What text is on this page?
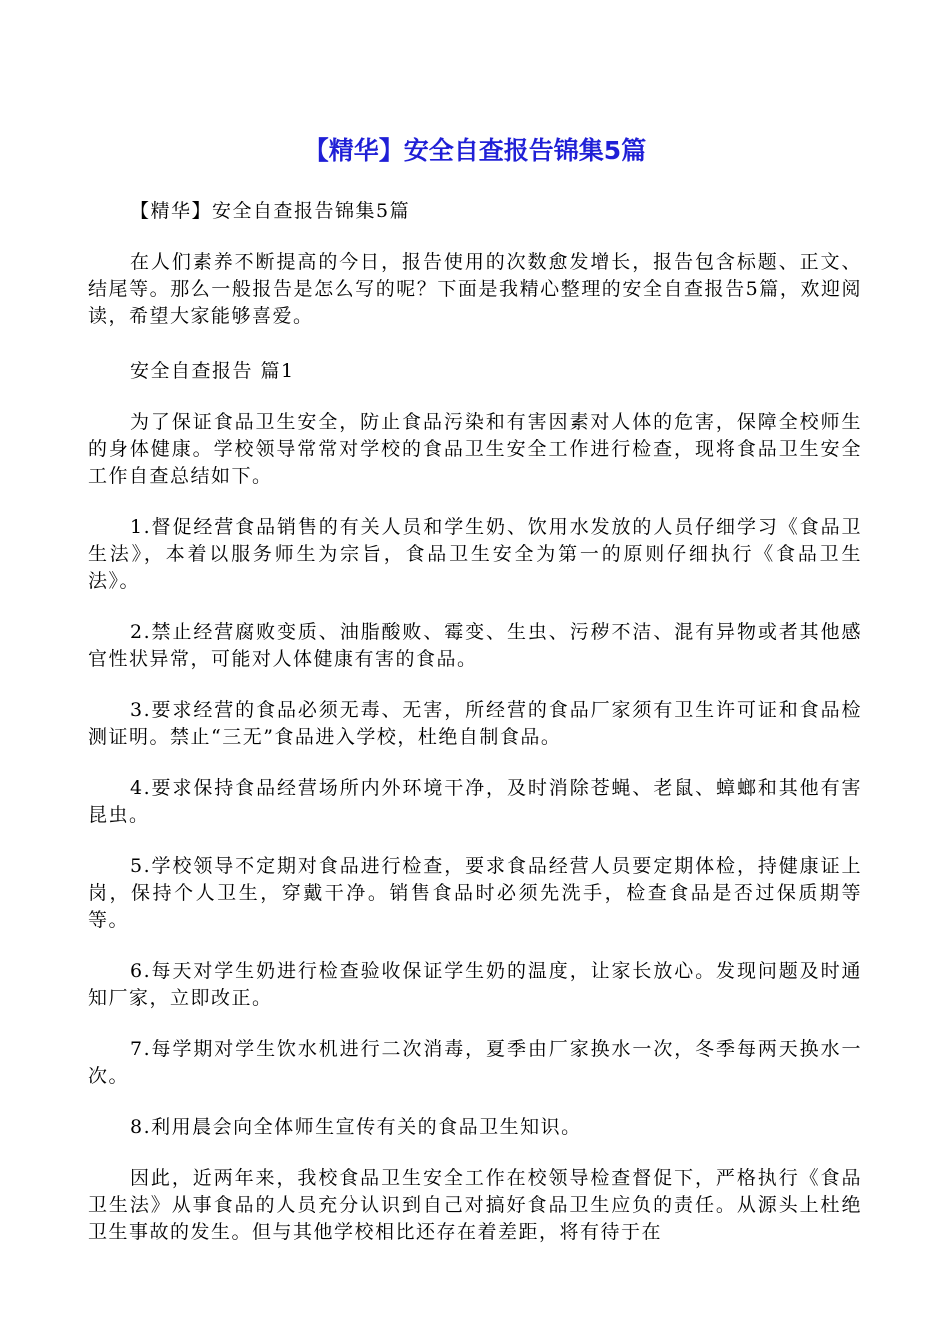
【精华】安全自查报告锦集5篇

【精华】安全自查报告锦集5篇

在人们素养不断提高的今日，报告使用的次数愈发增长，报告包含标题、正文、结尾等。那么一般报告是怎么写的呢？下面是我精心整理的安全自查报告5篇，欢迎阅读，希望大家能够喜爱。

安全自查报告 篇1

为了保证食品卫生安全，防止食品污染和有害因素对人体的危害，保障全校师生的身体健康。学校领导常常对学校的食品卫生安全工作进行检查，现将食品卫生安全工作自查总结如下。

1.督促经营食品销售的有关人员和学生奶、饮用水发放的人员仔细学习《食品卫生法》，本着以服务师生为宗旨，食品卫生安全为第一的原则仔细执行《食品卫生法》。

2.禁止经营腐败变质、油脂酸败、霉变、生虫、污秽不洁、混有异物或者其他感官性状异常，可能对人体健康有害的食品。

3.要求经营的食品必须无毒、无害，所经营的食品厂家须有卫生许可证和食品检测证明。禁止“三无”食品进入学校，杜绝自制食品。

4.要求保持食品经营场所内外环境干净，及时消除苍蝇、老鼠、蟑螂和其他有害昆虫。

5.学校领导不定期对食品进行检查，要求食品经营人员要定期体检，持健康证上岗，保持个人卫生，穿戴干净。销售食品时必须先洗手，检查食品是否过保质期等等。

6.每天对学生奶进行检查验收保证学生奶的温度，让家长放心。发现问题及时通知厂家，立即改正。

7.每学期对学生饮水机进行二次消毒，夏季由厂家换水一次，冬季每两天换水一次。

8.利用晨会向全体师生宣传有关的食品卫生知识。

因此，近两年来，我校食品卫生安全工作在校领导检查督促下，严格执行《食品卫生法》从事食品的人员充分认识到自己对搞好食品卫生应负的责任。从源头上杜绝卫生事故的发生。但与其他学校相比还存在着差距，将有待于在
